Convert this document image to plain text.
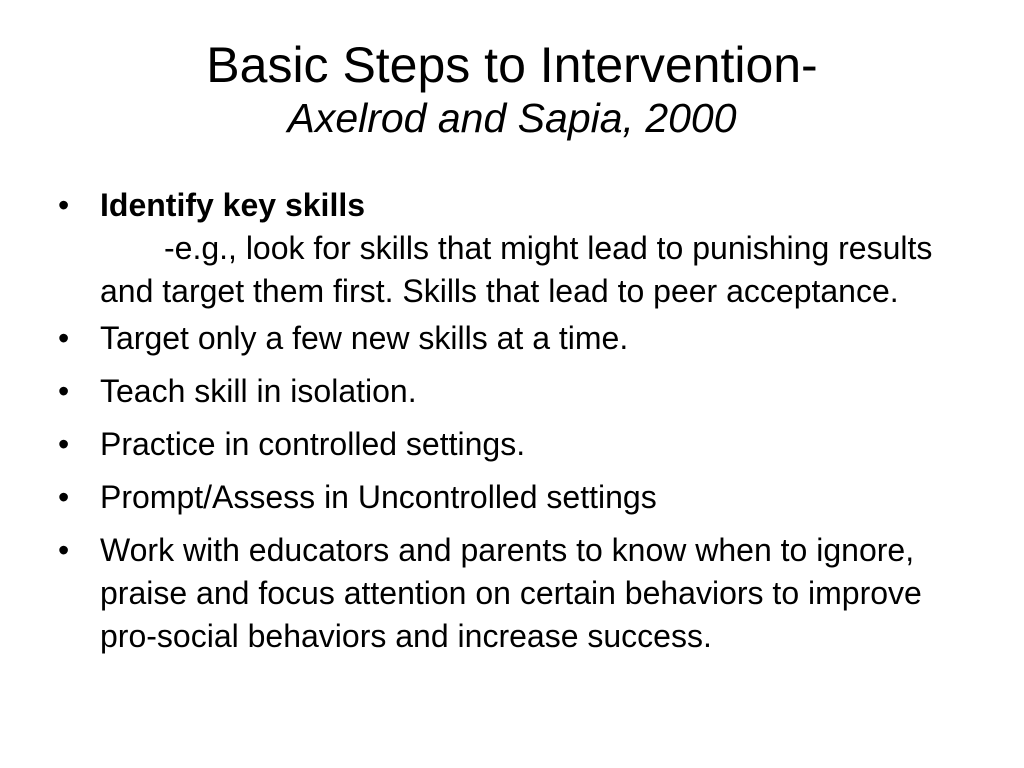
Basic Steps to Intervention-
Axelrod and Sapia, 2000
• Identify key skills
-e.g., look for skills that might lead to punishing results and target them first. Skills that lead to peer acceptance.
• Target only a few new skills at a time.
• Teach skill in isolation.
• Practice in controlled settings.
• Prompt/Assess in Uncontrolled settings
• Work with educators and parents to know when to ignore, praise and focus attention on certain behaviors to improve pro-social behaviors and increase success.
